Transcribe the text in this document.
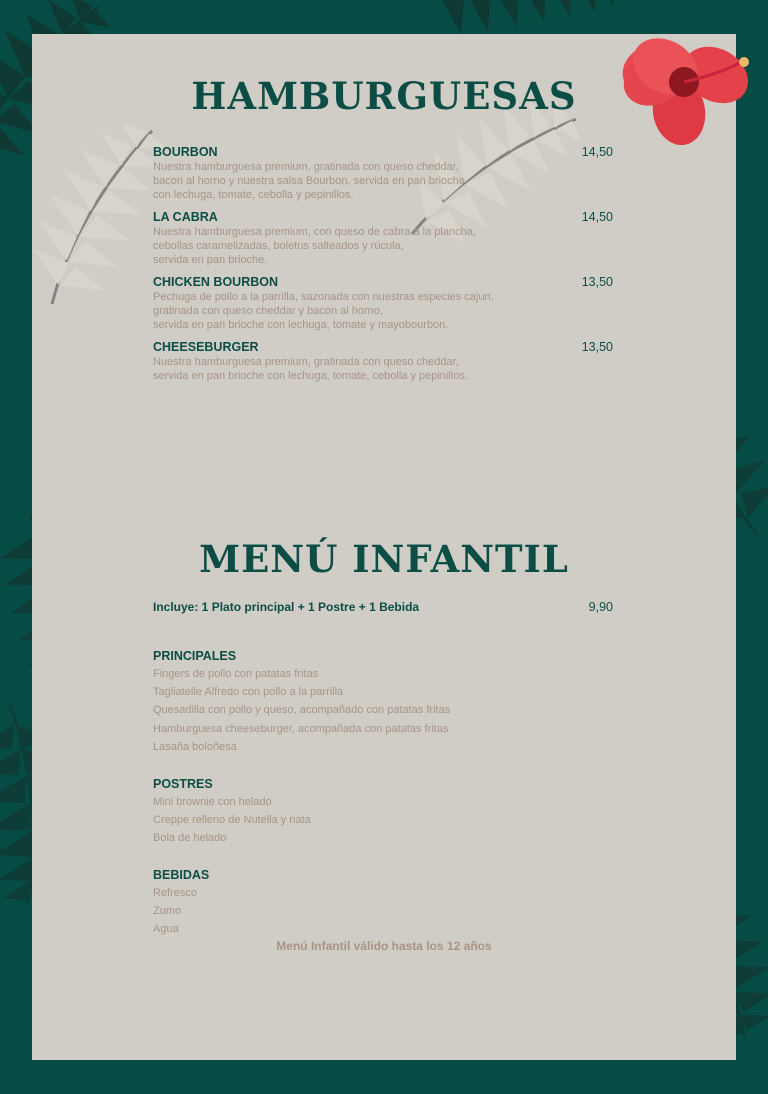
HAMBURGUESAS
BOURBON	14,50
Nuestra hamburguesa premium, gratinada con queso cheddar,
bacon al horno y nuestra salsa Bourbon, servida en pan brioche
con lechuga, tomate, cebolla y pepinillos.
LA CABRA	14,50
Nuestra hamburguesa premium, con queso de cabra a la plancha,
cebollas caramelizadas, boletus salteados y rúcula,
servida en pan brioche.
CHICKEN BOURBON	13,50
Pechuga de pollo a la parrilla, sazonada con nuestras especies cajun,
gratinada con queso cheddar y bacon al horno,
servida en pan brioche con lechuga, tomate y mayobourbon.
CHEESEBURGER	13,50
Nuestra hamburguesa premium, gratinada con queso cheddar,
servida en pan brioche con lechuga, tomate, cebolla y pepinillos.
MENÚ INFANTIL
Incluye: 1 Plato principal + 1 Postre + 1 Bebida	9,90
PRINCIPALES
Fingers de pollo con patatas fritas
Tagliatelle Alfredo con pollo a la parrilla
Quesadilla con pollo y queso, acompañado con patatas fritas
Hamburguesa cheeseburger, acompañada con patatas fritas
Lasaña boloñesa
POSTRES
Mini brownie con helado
Creppe relleno de Nutella y nata
Bola de helado
BEBIDAS
Refresco
Zumo
Agua
Menú Infantil válido hasta los 12 años
